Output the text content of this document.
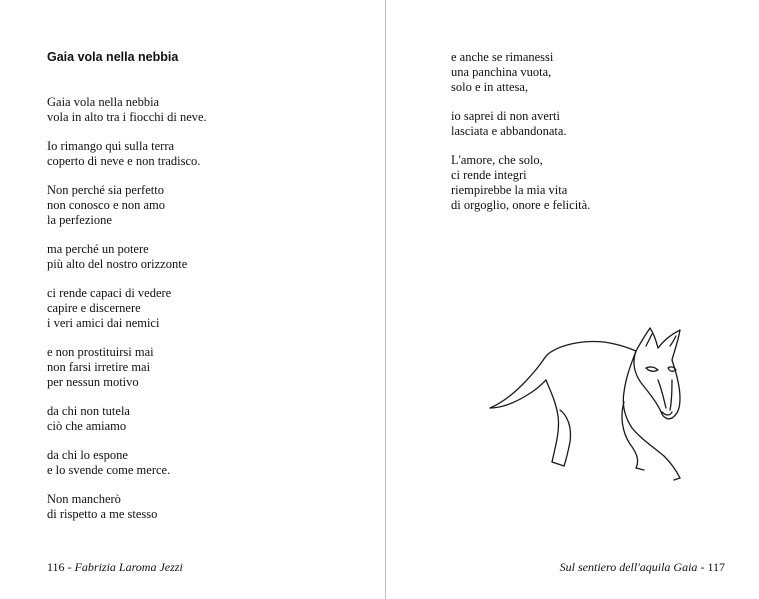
Gaia vola nella nebbia
Gaia vola nella nebbia
vola in alto tra i fiocchi di neve.
Io rimango qui sulla terra
coperto di neve e non tradisco.
Non perché sia perfetto
non conosco e non amo
la perfezione
ma perché un potere
più alto del nostro orizzonte
ci rende capaci di vedere
capire e discernere
i veri amici dai nemici
e non prostituirsi mai
non farsi irretire mai
per nessun motivo
da chi non tutela
ciò che amiamo
da chi lo espone
e lo svende come merce.
Non mancherò
di rispetto a me stesso
116 - Fabrizia Laroma Jezzi
e anche se rimanessi
una panchina vuota,
solo e in attesa,
io saprei di non averti
lasciata e abbandonata.
L'amore, che solo,
ci rende integri
riempirebbe la mia vita
di orgoglio, onore e felicità.
Sul sentiero dell'aquila Gaia - 117
